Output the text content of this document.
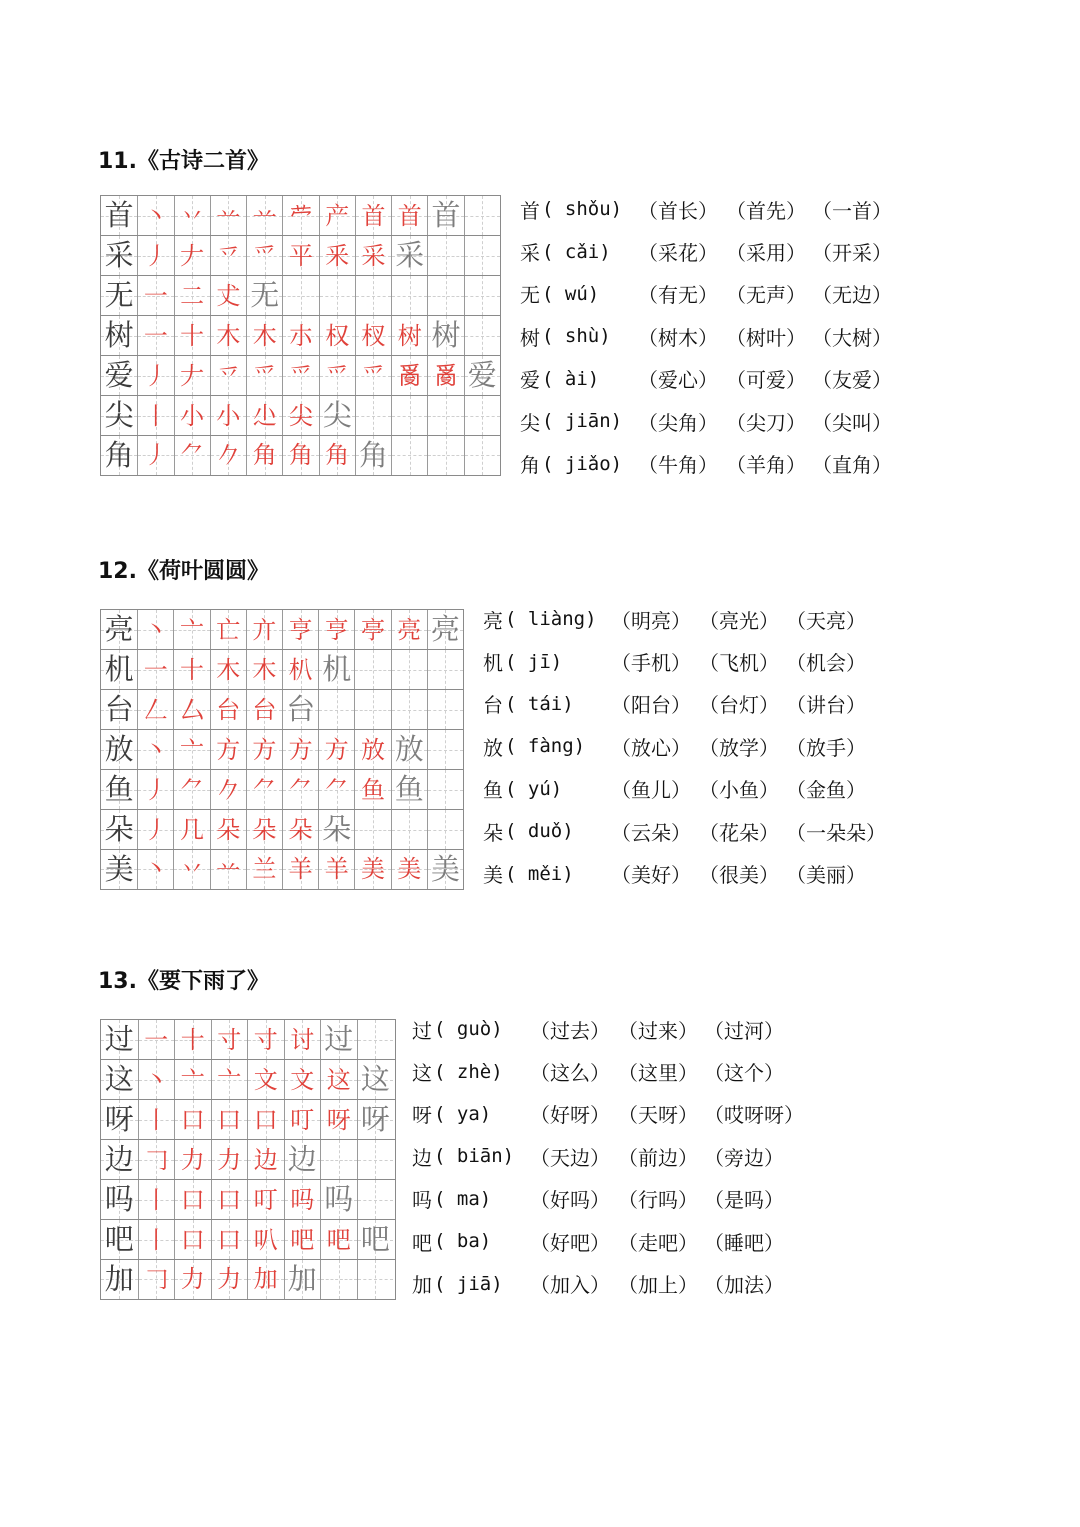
11.《古诗二首》
首 丶 丷 䒑 䒑 𫇦 产 首 首 首
采 丿 𠂇 乊 爫 平 釆 采 采
无 一 二 𠀋 无
树 一 十 木 木 朩 权 杈 树 树
爱 丿 𠂇 乊 爫 爫 爫 爫 𤔔 𤔔 爱
尖 丨 小 小 尐 尖 尖
角 丿 ⺈ 𠂊 角 角 角 角
首 ( shǒu) （首长） （首先） （一首）
采 ( cǎi) （采花） （采用） （开采）
无 ( wú) （有无） （无声） （无边）
树 ( shù) （树木） （树叶） （大树）
爱 ( ài) （爱心） （可爱） （友爱）
尖 ( jiān) （尖角） （尖刀） （尖叫）
角 ( jiǎo) （牛角） （羊角） （直角）
12.《荷叶圆圆》
亮 丶 亠 亡 亣 亨 亨 亭 亮 亮
机 一 十 木 木 朳 机
台 𠃋 厶 台 台 台
放 丶 亠 方 方 方 方 放 放
鱼 丿 ⺈ 𠂊 ⺈ ⺈ ⺈ 鱼 鱼
朵 丿 几 朵 朵 朵 朵
美 丶 丷 䒑 兰 羊 羊 美 美 美
亮 ( liàng) （明亮） （亮光） （天亮）
机 ( jī) （手机） （飞机） （机会）
台 ( tái) （阳台） （台灯） （讲台）
放 ( fàng) （放心） （放学） （放手）
鱼 ( yú) （鱼儿） （小鱼） （金鱼）
朵 ( duǒ) （云朵） （花朵） （一朵朵）
美 ( měi) （美好） （很美） （美丽）
13.《要下雨了》
过 一 十 寸 寸 讨 过
这 丶 亠 亠 文 文 这 这
呀 丨 口 口 口 叮 呀 呀
边 𠃌 力 力 边 边
吗 丨 口 口 叮 吗 吗
吧 丨 口 口 叭 吧 吧 吧
加 𠃌 力 力 加 加
过 ( guò) （过去） （过来） （过河）
这 ( zhè) （这么） （这里） （这个）
呀 ( ya) （好呀） （天呀） （哎呀呀）
边 ( biān) （天边） （前边） （旁边）
吗 ( ma) （好吗） （行吗） （是吗）
吧 ( ba) （好吧） （走吧） （睡吧）
加 ( jiā) （加入） （加上） （加法）
